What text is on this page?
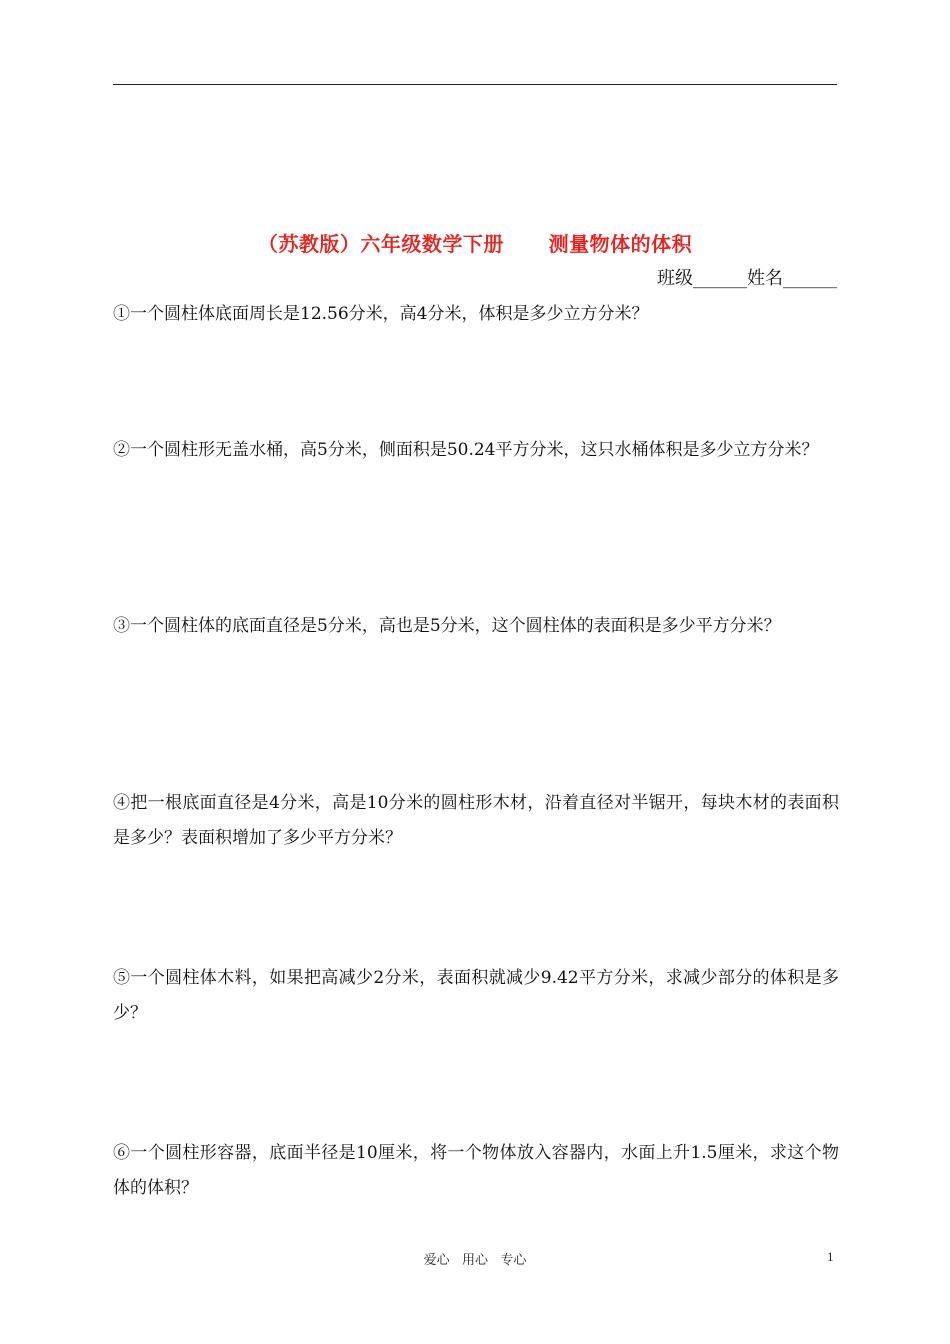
（苏教版）六年级数学下册      测量物体的体积
班级______姓名______
①一个圆柱体底面周长是12.56分米，高4分米，体积是多少立方分米？
②一个圆柱形无盖水桶，高5分米，侧面积是50.24平方分米，这只水桶体积是多少立方分米？
③一个圆柱体的底面直径是5分米，高也是5分米，这个圆柱体的表面积是多少平方分米？
④把一根底面直径是4分米，高是10分米的圆柱形木材，沿着直径对半锯开，每块木材的表面积是多少？表面积增加了多少平方分米？
⑤一个圆柱体木料，如果把高减少2分米，表面积就减少9.42平方分米，求减少部分的体积是多少？
⑥一个圆柱形容器，底面半径是10厘米，将一个物体放入容器内，水面上升1.5厘米，求这个物体的体积？
爱心   用心   专心	1
